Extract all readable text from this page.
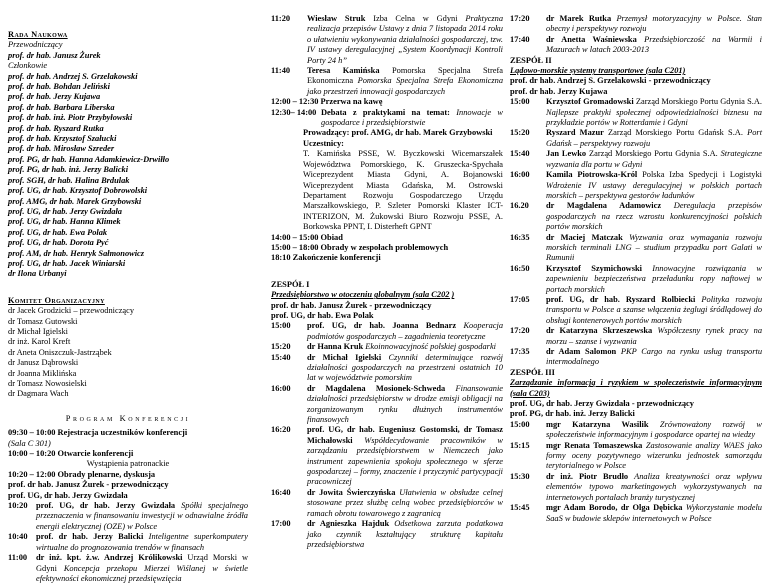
Rada Naukowa

Przewodniczący

prof. dr hab. Janusz Żurek

Członkowie

prof. dr hab. Andrzej S. Grzelakowski

prof. dr hab. Bohdan Jeliński

prof. dr hab. Jerzy Kujawa

prof. dr hab. Barbara Liberska

prof. dr hab. inż. Piotr Przybyłowski

prof. dr hab. Ryszard Rutka

prof. dr hab. Krzysztof Szałucki

prof. dr hab. Mirosław Szreder

prof. PG, dr hab. Hanna Adamkiewicz-Drwiłło

prof. PG, dr hab. inż. Jerzy Balicki

prof. SGH, dr hab. Halina Brdulak

prof. UG, dr hab. Krzysztof Dobrowolski

prof. AMG, dr hab. Marek Grzybowski

prof. UG, dr hab. Jerzy Gwizdała

prof. UG, dr hab. Hanna Klimek

prof. UG, dr hab. Ewa Polak

prof. UG, dr hab. Dorota Pyć

prof. AM, dr hab. Henryk Sałmonowicz

prof. UG, dr hab. Jacek Winiarski

dr Ilona Urbanyi

Komitet Organizacyjny

dr Jacek Grodzicki – przewodniczący

dr Tomasz Gutowski

dr Michał Igielski

dr inż. Karol Kreft

dr Aneta Oniszczuk-Jastrząbek

dr Janusz Dąbrowski

dr Joanna Miklińska

dr Tomasz Nowosielski

dr Dagmara Wach

Program Konferencji

09:30 – 10:00 Rejestracja uczestników konferencji

(Sala C 301)

10:00 – 10:20 Otwarcie konferencji

Wystąpienia patronackie

10:20 – 12:00 Obrady plenarne, dyskusja

prof. dr hab. Janusz Żurek - przewodniczący

prof. UG, dr hab. Jerzy Gwizdała

10:20	prof. UG, dr hab. Jerzy Gwizdała Spółki specjalnego przeznaczenia w finansowaniu inwestycji w odnawialne źródła energii elektrycznej (OZE) w Polsce
10:40	prof. dr hab. Jerzy Balicki Inteligentne superkomputery wirtualne do prognozowania trendów w finansach
11:00	dr inż. kpt. ż.w. Andrzej Królikowski Urząd Morski w Gdyni Koncepcja przekopu Mierzei Wiślanej w świetle efektywności ekonomicznej przedsięwzięcia
11:20	Wiesław Struk Izba Celna w Gdyni Praktyczna realizacja przepisów Ustawy z dnia 7 listopada 2014 roku o ułatwieniu wykonywania działalności gospodarczej, tzw. IV ustawy deregulacyjnej „System Koordynacji Kontroli Porty 24 h”
11:40	Teresa Kamińska Pomorska Specjalna Strefa Ekonomiczna Pomorska Specjalna Strefa Ekonomiczna jako przestrzeń innowacji gospodarczych

12:00 – 12:30 Przerwa na kawę

12:30– 14:00 Debata z praktykami na temat: Innowacje w gospodarce i przedsiębiorstwie

Prowadzący: prof. AMG, dr hab. Marek Grzybowski

Uczestnicy:

T. Kamińska PSSE, W. Byczkowski Wicemarszałek Województwa Pomorskiego, K. Gruszecka-Spychała Wiceprezydent Miasta Gdyni, A. Bojanowski Wiceprezydent Miasta Gdańska, M. Ostrowski Departament Rozwoju Gospodarczego Urzędu Marszałkowskiego, P. Szleter Pomorski Klaster ICT-INTERIZON, M. Żukowski Biuro Rozwoju PSSE, A. Borkowska PPNT, I. Disterheft GPNT

14:00 – 15:00 Obiad

15:00 – 18:00 Obrady w zespołach problemowych

18:10 Zakończenie konferencji

ZESPÓŁ I

Przedsiębiorstwo w otoczeniu globalnym (sala C202 )

prof. dr hab. Janusz Żurek - przewodniczący

prof. UG, dr hab. Ewa Polak

15:00	prof. UG, dr hab. Joanna Bednarz Kooperacja podmiotów gospodarczych – zagadnienia teoretyczne
15:20	dr Hanna Kruk Ekoinnowacyjność polskiej gospodarki
15:40	dr Michał Igielski Czynniki determinujące rozwój działalności gospodarczych na przestrzeni ostatnich 10 lat w województwie pomorskim
16:00	dr Magdalena Mosionek-Schweda Finansowanie działalności przedsiębiorstw w drodze emisji obligacji na zorganizowanym rynku dłużnych instrumentów finansowych
16:20	prof. UG, dr hab. Eugeniusz Gostomski, dr Tomasz Michałowski Współdecydowanie pracowników w zarządzaniu przedsiębiorstwem w Niemczech jako instrument zapewnienia spokoju społecznego w sferze gospodarczej – formy, znaczenie i przyczynić partycypacji pracowniczej
16:40	dr Jowita Świerczyńska Ułatwienia w obsłudze celnej stosowane przez służbę celną wobec przedsiębiorców w ramach obrotu towarowego z zagranicą
17:00	dr Agnieszka Hajduk Odsetkowa zarzuta podatkowa jako czynnik kształtujący strukturę kapitału przedsiębiorstwa
17:20	dr Marek Rutka Przemysł motoryzacyjny w Polsce. Stan obecny i perspektywy rozwoju
17:40	dr Anetta Waśniewska Przedsiębiorczość na Warmii i Mazurach w latach 2003-2013

ZESPÓŁ II

Lądowo-morskie systemy transportowe (sala C201)

prof. dr hab. Andrzej S. Grzelakowski - przewodniczący

prof. dr hab. Jerzy Kujawa

15:00	Krzysztof Gromadowski Zarząd Morskiego Portu Gdynia S.A. Najlepsze praktyki społecznej odpowiedzialności biznesu na przykładzie portów w Rotterdamie i Gdyni
15:20	Ryszard Mazur Zarząd Morskiego Portu Gdańsk S.A. Port Gdańsk – perspektywy rozwoju
15:40	Jan Lewko Zarząd Morskiego Portu Gdynia S.A. Strategiczne wyzwania dla portu w Gdyni
16:00	Kamila Piotrowska-Król Polska Izba Spedycji i Logistyki Wdrożenie IV ustawy deregulacyjnej w polskich portach morskich – perspektywa gestorów ładunków
16.20	dr Magdalena Adamowicz Deregulacja przepisów gospodarczych na rzecz wzrostu konkurencyjności polskich portów morskich
16:35	dr Maciej Matczak Wyzwania oraz wymagania rozwoju morskich terminali LNG – studium przypadku port Galati w Rumunii
16:50	Krzysztof Szymichowski Innowacyjne rozwiązania w zapewnieniu bezpieczeństwa przeładunku ropy naftowej w portach morskich
17:05	prof. UG, dr hab. Ryszard Rolbiecki Polityka rozwoju transportu w Polsce a szanse włączenia żeglugi śródlądowej do obsługi kontenerowych portów morskich
17:20	dr Katarzyna Skrzeszewska Współczesny rynek pracy na morzu – szanse i wyzwania
17:35	dr Adam Salomon PKP Cargo na rynku usług transportu intermodalnego

ZESPÓŁ III

Zarządzanie informacją i ryzykiem w społeczeństwie informacyjnym (sala C203)

prof. UG, dr hab. Jerzy Gwizdała - przewodniczący

prof. PG, dr hab. inż. Jerzy Balicki

15:00	mgr Katarzyna Wasilik Zrównoważony rozwój w społeczeństwie informacyjnym i gospodarce opartej na wiedzy
15:15	mgr Renata Tomaszewska Zastosowanie analizy WAES jako formy oceny pozytywnego wizerunku jednostek samorządu terytorialnego w Polsce
15:30	dr inż. Piotr Brudło Analiza kreatywności oraz wpływu elementów typowo marketingowych wykorzystywanych na internetowych portalach branży turystycznej
15:45	mgr Adam Borodo, dr Olga Dębicka Wykorzystanie modelu SaaS w budowie sklepów internetowych w Polsce
